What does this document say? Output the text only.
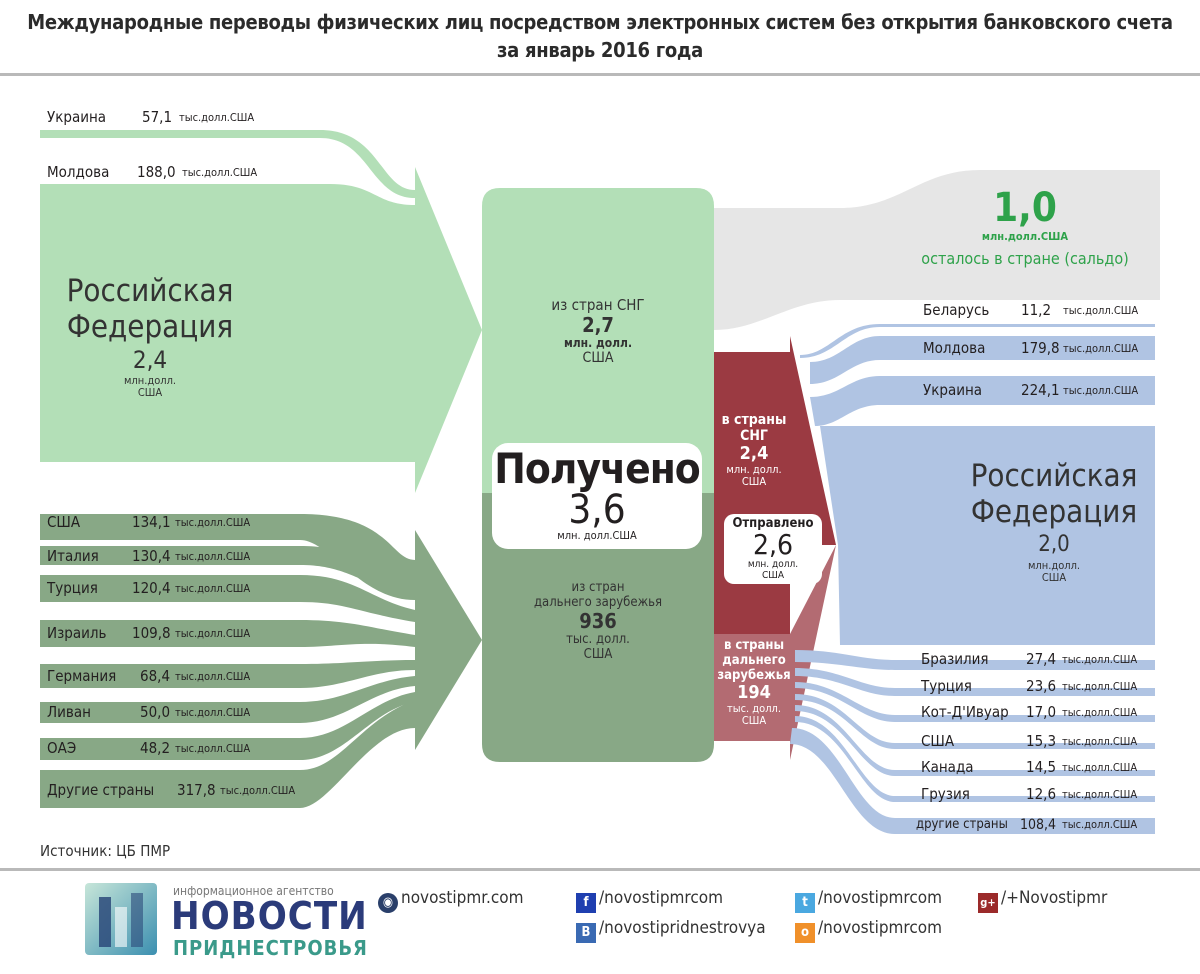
Международные переводы физических лиц посредством электронных систем без открытия банковского счета
за январь 2016 года
Украина 57,1 тыс.долл.США
Молдова 188,0 тыс.долл.США
Российская
Федерация
2,4
млн.долл.
США
США	134,1 тыс.долл.США
Италия 130,4 тыс.долл.США
Турция 120,4 тыс.долл.США
Израиль 109,8 тыс.долл.США
Германия 68,4 тыс.долл.США
Ливан	50,0 тыс.долл.США
ОАЭ	48,2 тыс.долл.США
Другие страны 317,8 тыс.долл.США
из стран СНГ
2,7
млн. долл.
США
Получено
3,6
млн. долл.США
из стран
дальнего зарубежья
936
тыс. долл.
США
1,0
млн.долл.США
осталось в стране (сальдо)
в страны
СНГ
2,4
млн. долл.
США
Отправлено
2,6
млн. долл.
США
в страны
дальнего
зарубежья
194
тыс. долл.
США
Беларусь 11,2 тыс.долл.США
Молдова 179,8 тыс.долл.США
Украина	224,1 тыс.долл.США
Российская
Федерация
2,0
млн.долл.
США
Бразилия 27,4 тыс.долл.США
Турция	23,6 тыс.долл.США
Кот-Д'Ивуар 17,0 тыс.долл.США
США	15,3 тыс.долл.США
Канада	14,5 тыс.долл.США
Грузия	12,6 тыс.долл.США
другие страны 108,4 тыс.долл.США
Источник: ЦБ ПМР
информационное агентство
НОВОСТИ
ПРИДНЕСТРОВЬЯ
◉ novostipmr.com	f /novostipmrcom
B /novostipridnestrovya
t /novostipmrcom
o /novostipmrcom
g+ /+Novostipmr
